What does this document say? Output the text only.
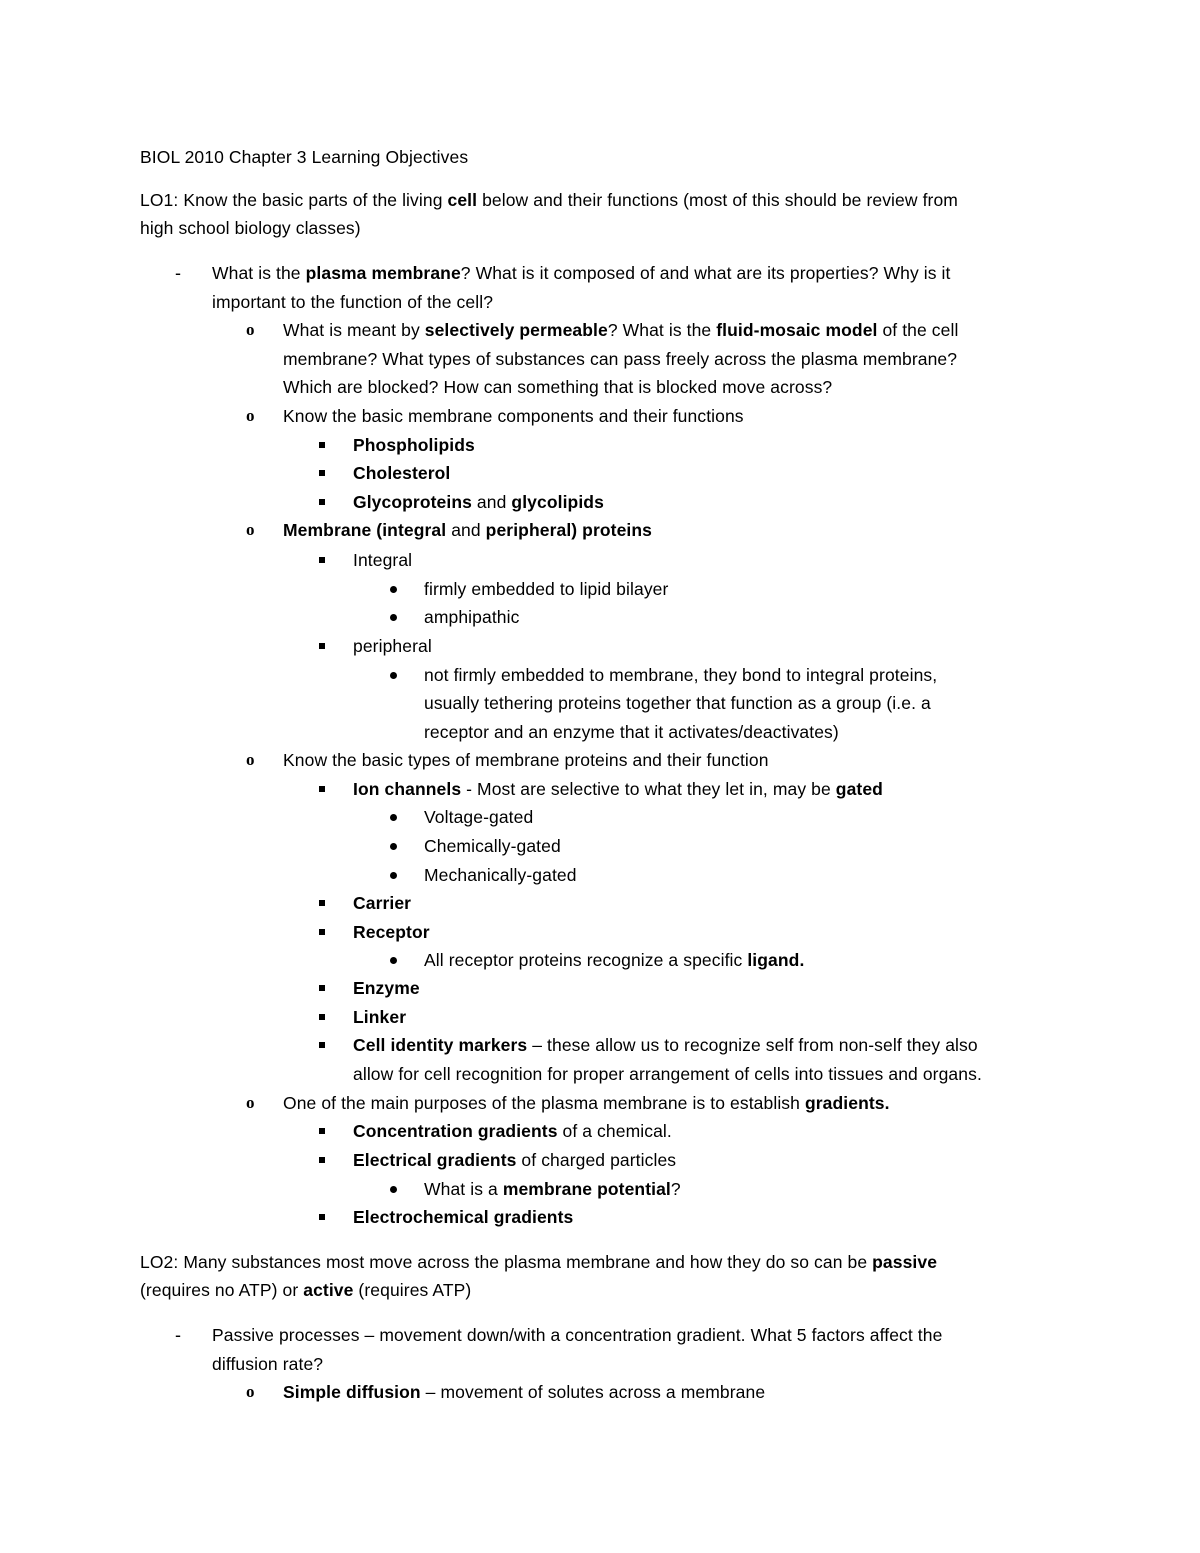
BIOL 2010 Chapter 3 Learning Objectives
LO1: Know the basic parts of the living cell below and their functions (most of this should be review from
high school biology classes)
- What is the plasma membrane? What is it composed of and what are its properties? Why is it
important to the function of the cell?
o What is meant by selectively permeable? What is the fluid-mosaic model of the cell
membrane? What types of substances can pass freely across the plasma membrane?
Which are blocked? How can something that is blocked move across?
o Know the basic membrane components and their functions
Phospholipids
Cholesterol
Glycoproteins and glycolipids
o Membrane (integral and peripheral) proteins
Integral
firmly embedded to lipid bilayer
amphipathic
peripheral
not firmly embedded to membrane, they bond to integral proteins,
usually tethering proteins together that function as a group (i.e. a
receptor and an enzyme that it activates/deactivates)
o Know the basic types of membrane proteins and their function
Ion channels - Most are selective to what they let in, may be gated
Voltage-gated
Chemically-gated
Mechanically-gated
Carrier
Receptor
All receptor proteins recognize a specific ligand.
Enzyme
Linker
Cell identity markers – these allow us to recognize self from non-self they also
allow for cell recognition for proper arrangement of cells into tissues and organs.
o One of the main purposes of the plasma membrane is to establish gradients.
Concentration gradients of a chemical.
Electrical gradients of charged particles
What is a membrane potential?
Electrochemical gradients
LO2: Many substances most move across the plasma membrane and how they do so can be passive
(requires no ATP) or active (requires ATP)
- Passive processes – movement down/with a concentration gradient. What 5 factors affect the
diffusion rate?
o Simple diffusion – movement of solutes across a membrane
